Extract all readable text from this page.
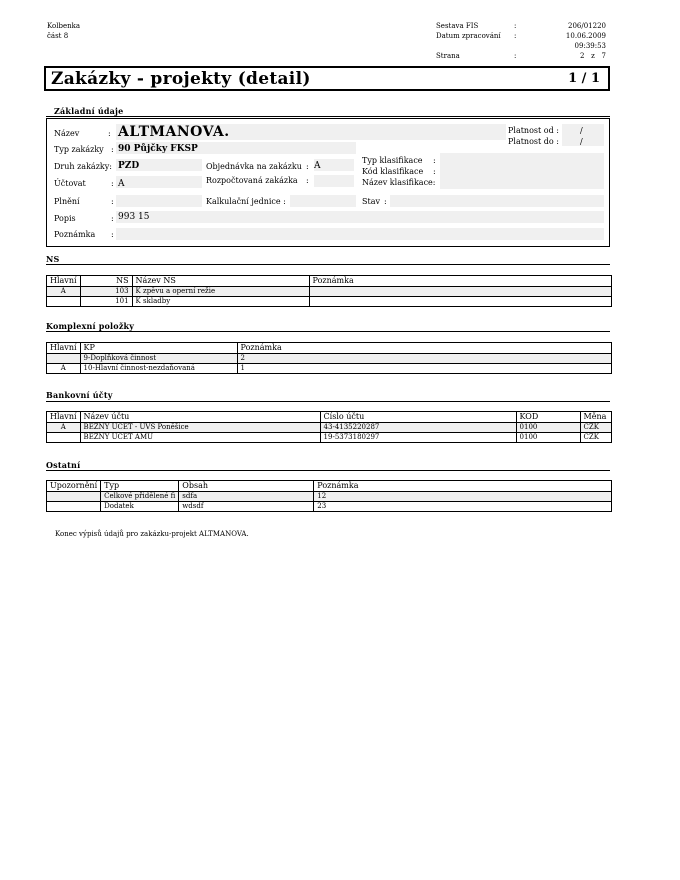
Kolbenka
část 8
Sestava FIS	:	206/01220
Datum zpracování	:	10.06.2009 09:39:53
Strana	:	2   z   7
Zakázky - projekty (detail)	1 / 1
Základní údaje
Název	: ALTMANOVA.
Typ zakázky : 90 Půjčky FKSP
Druh zakázky: PZD
Účtovat	: A
Plnění	:
Popis	: 993 15
Poznámka :
Objednávka na zakázku : A
Rozpočtovaná zakázka :
Kalkulační jednice :
Platnost od :	/
Platnost do :	/
Typ klasifikace :
Kód klasifikace :
Název klasifikace:
Stav :
NS
Hlavní	NS	Název NS	Poznámka
A	103	K zpěvu a operní režie	
	101	K skladby	
Komplexní položky
Hlavní	KP	Poznámka
	9-Doplňková činnost	2
A	10-Hlavní činnost-nezdaňovaná	1
Bankovní účty
Hlavní	Název účtu	Číslo účtu	KOD	Měna
A	BĚŽNÝ ÚČET - ÚVS Poněšice	43-4135220287	0100	CZK
	BĚŽNÝ ÚČET AMU	19-5373180297	0100	CZK
Ostatní
Upozornění	Typ	Obsah	Poznámka
	Celkové přidělené fi	sdfa	12
	Dodatek	wdsdf	23
Konec výpisů údajů pro zakázku-projekt ALTMANOVA.
